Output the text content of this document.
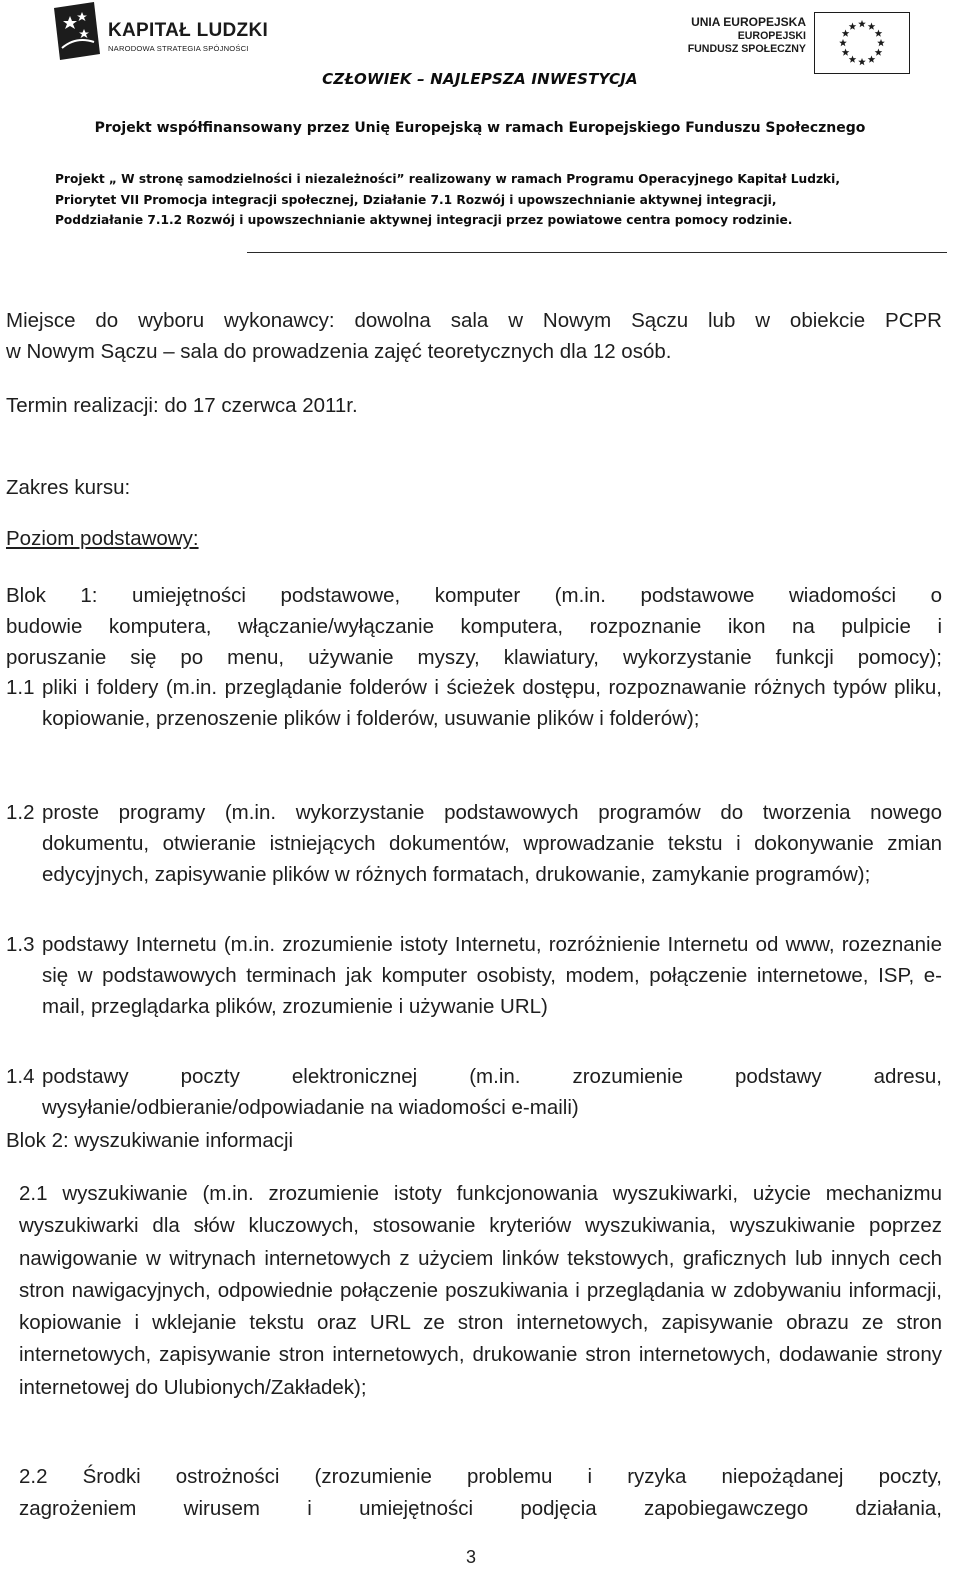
KAPITAŁ LUDZKI
NARODOWA STRATEGIA SPÓJNOŚCI
UNIA EUROPEJSKA
EUROPEJSKI
FUNDUSZ SPOŁECZNY
CZŁOWIEK – NAJLEPSZA INWESTYCJA
Projekt współfinansowany przez Unię Europejską w ramach Europejskiego Funduszu Społecznego
Projekt „ W stronę samodzielności i niezależności” realizowany w ramach Programu Operacyjnego Kapitał Ludzki,
Priorytet VII Promocja integracji społecznej, Działanie 7.1 Rozwój i upowszechnianie aktywnej integracji,
Poddziałanie 7.1.2 Rozwój i upowszechnianie aktywnej integracji przez powiatowe centra pomocy rodzinie.
Miejsce do wyboru wykonawcy: dowolna sala w Nowym Sączu lub w obiekcie PCPR
w Nowym Sączu – sala do prowadzenia zajęć teoretycznych dla 12 osób.
Termin realizacji: do 17 czerwca 2011r.
Zakres kursu:
Poziom podstawowy:
Blok 1: umiejętności podstawowe, komputer (m.in. podstawowe wiadomości o
budowie komputera, włączanie/wyłączanie komputera, rozpoznanie ikon na pulpicie i
poruszanie się po menu, używanie myszy, klawiatury, wykorzystanie funkcji pomocy);
1.1 pliki i foldery (m.in. przeglądanie folderów i ścieżek dostępu, rozpoznawanie różnych typów pliku, kopiowanie, przenoszenie plików i folderów, usuwanie plików i folderów);
1.2 proste programy (m.in. wykorzystanie podstawowych programów do tworzenia nowego dokumentu, otwieranie istniejących dokumentów, wprowadzanie tekstu i dokonywanie zmian edycyjnych, zapisywanie plików w różnych formatach, drukowanie, zamykanie programów);
1.3 podstawy Internetu (m.in. zrozumienie istoty Internetu, rozróżnienie Internetu od www, rozeznanie się w podstawowych terminach jak komputer osobisty, modem, połączenie internetowe, ISP, e-mail, przeglądarka plików, zrozumienie i używanie URL)
1.4 podstawy poczty elektronicznej (m.in. zrozumienie podstawy adresu, wysyłanie/odbieranie/odpowiadanie na wiadomości e-maili)
Blok 2: wyszukiwanie informacji
2.1 wyszukiwanie (m.in. zrozumienie istoty funkcjonowania wyszukiwarki, użycie mechanizmu wyszukiwarki dla słów kluczowych, stosowanie kryteriów wyszukiwania, wyszukiwanie poprzez nawigowanie w witrynach internetowych z użyciem linków tekstowych, graficznych lub innych cech stron nawigacyjnych, odpowiednie połączenie poszukiwania i przeglądania w zdobywaniu informacji, kopiowanie i wklejanie tekstu oraz URL ze stron internetowych, zapisywanie obrazu ze stron internetowych, zapisywanie stron internetowych, drukowanie stron internetowych, dodawanie strony internetowej do Ulubionych/Zakładek);
2.2 Środki ostrożności (zrozumienie problemu i ryzyka niepożądanej poczty,
zagrożeniem wirusem i umiejętności podjęcia zapobiegawczego działania,
3
